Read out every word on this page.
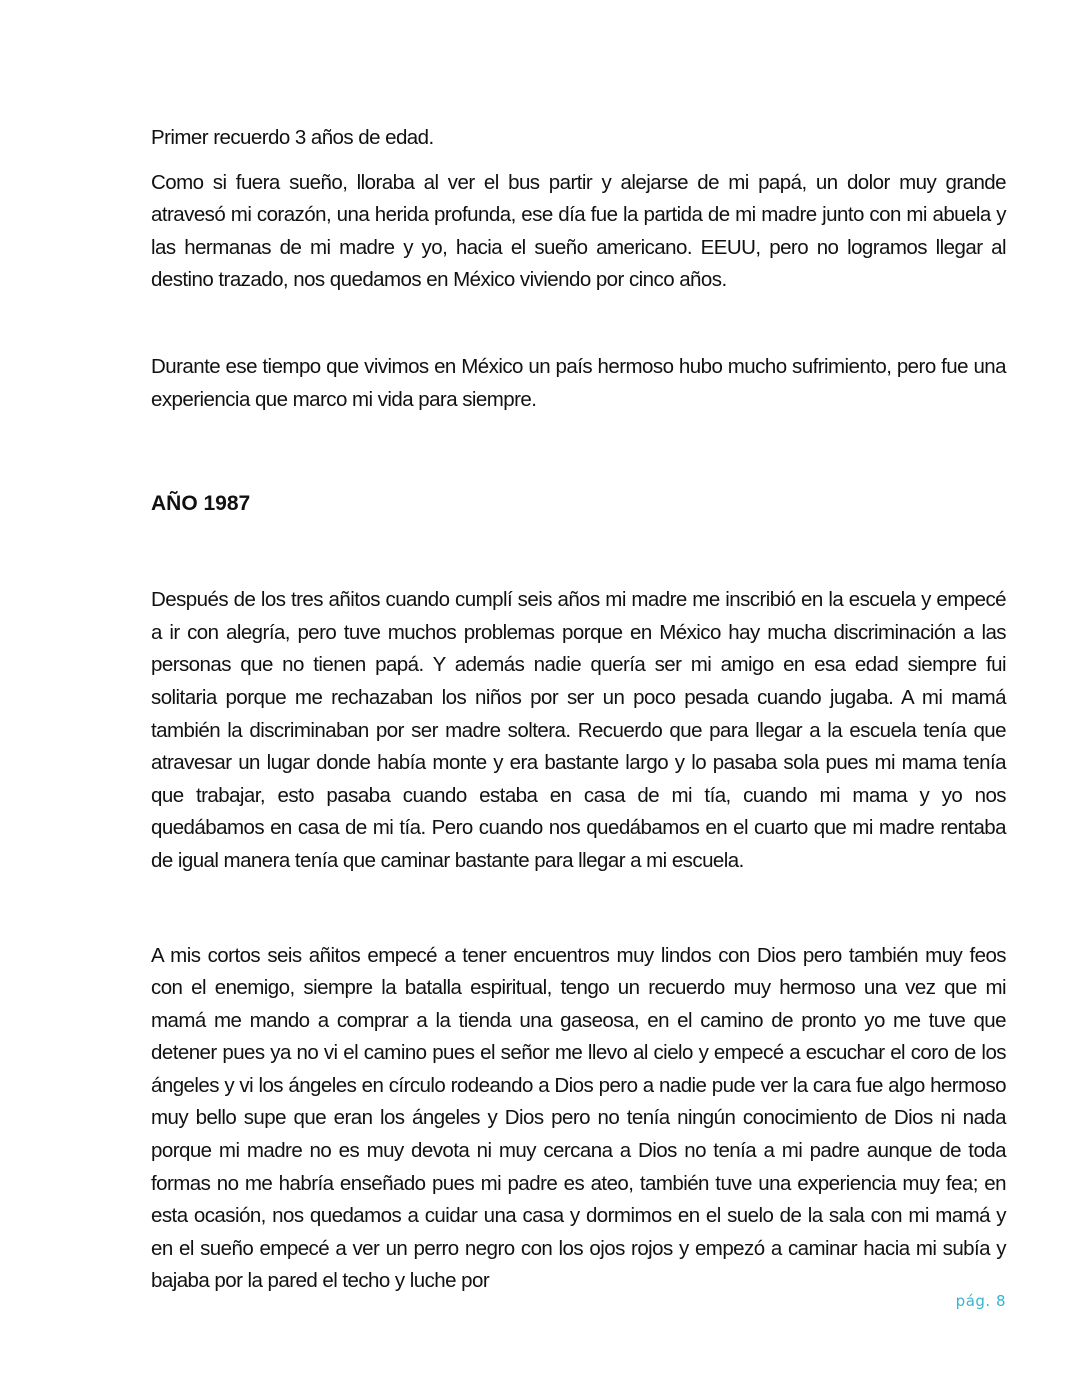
Primer recuerdo 3 años de edad.

Como si fuera sueño, lloraba al ver el bus partir y alejarse de mi papá, un dolor muy grande atravesó mi corazón, una herida profunda, ese día fue la partida de mi madre junto con mi abuela y las hermanas de mi madre y yo, hacia el sueño americano. EEUU, pero no logramos llegar al destino trazado, nos quedamos en México viviendo por cinco años.

Durante ese tiempo que vivimos en México un país hermoso hubo mucho sufrimiento, pero fue una experiencia que marco mi vida para siempre.

AÑO 1987

Después de los tres añitos cuando cumplí seis años mi madre me inscribió en la escuela y empecé a ir con alegría, pero tuve muchos problemas porque en México hay mucha discriminación a las personas que no tienen papá. Y además nadie quería ser mi amigo en esa edad siempre fui solitaria porque me rechazaban los niños por ser un poco pesada cuando jugaba. A mi mamá también la discriminaban por ser madre soltera. Recuerdo que para llegar a la escuela tenía que atravesar un lugar donde había monte y era bastante largo y lo pasaba sola pues mi mama tenía que trabajar, esto pasaba cuando estaba en casa de mi tía, cuando mi mama y yo nos quedábamos en casa de mi tía. Pero cuando nos quedábamos en el cuarto que mi madre rentaba de igual manera tenía que caminar bastante para llegar a mi escuela.

A mis cortos seis añitos empecé a tener encuentros muy lindos con Dios pero también muy feos con el enemigo, siempre la batalla espiritual, tengo un recuerdo muy hermoso una vez que mi mamá me mando a comprar a la tienda una gaseosa, en el camino de pronto yo me tuve que detener pues ya no vi el camino pues el señor me llevo al cielo y empecé a escuchar el coro de los ángeles y vi los ángeles en círculo rodeando a Dios pero a nadie pude ver la cara fue algo hermoso muy bello supe que eran los ángeles y Dios pero no tenía ningún conocimiento de Dios ni nada porque mi madre no es muy devota ni muy cercana a Dios no tenía a mi padre aunque de toda formas no me habría enseñado pues mi padre es ateo, también tuve una experiencia muy fea; en esta ocasión, nos quedamos a cuidar una casa y dormimos en el suelo de la sala con mi mamá y en el sueño empecé a ver un perro negro con los ojos rojos y empezó a caminar hacia mi subía y bajaba por la pared el techo y luche por

pág. 8
